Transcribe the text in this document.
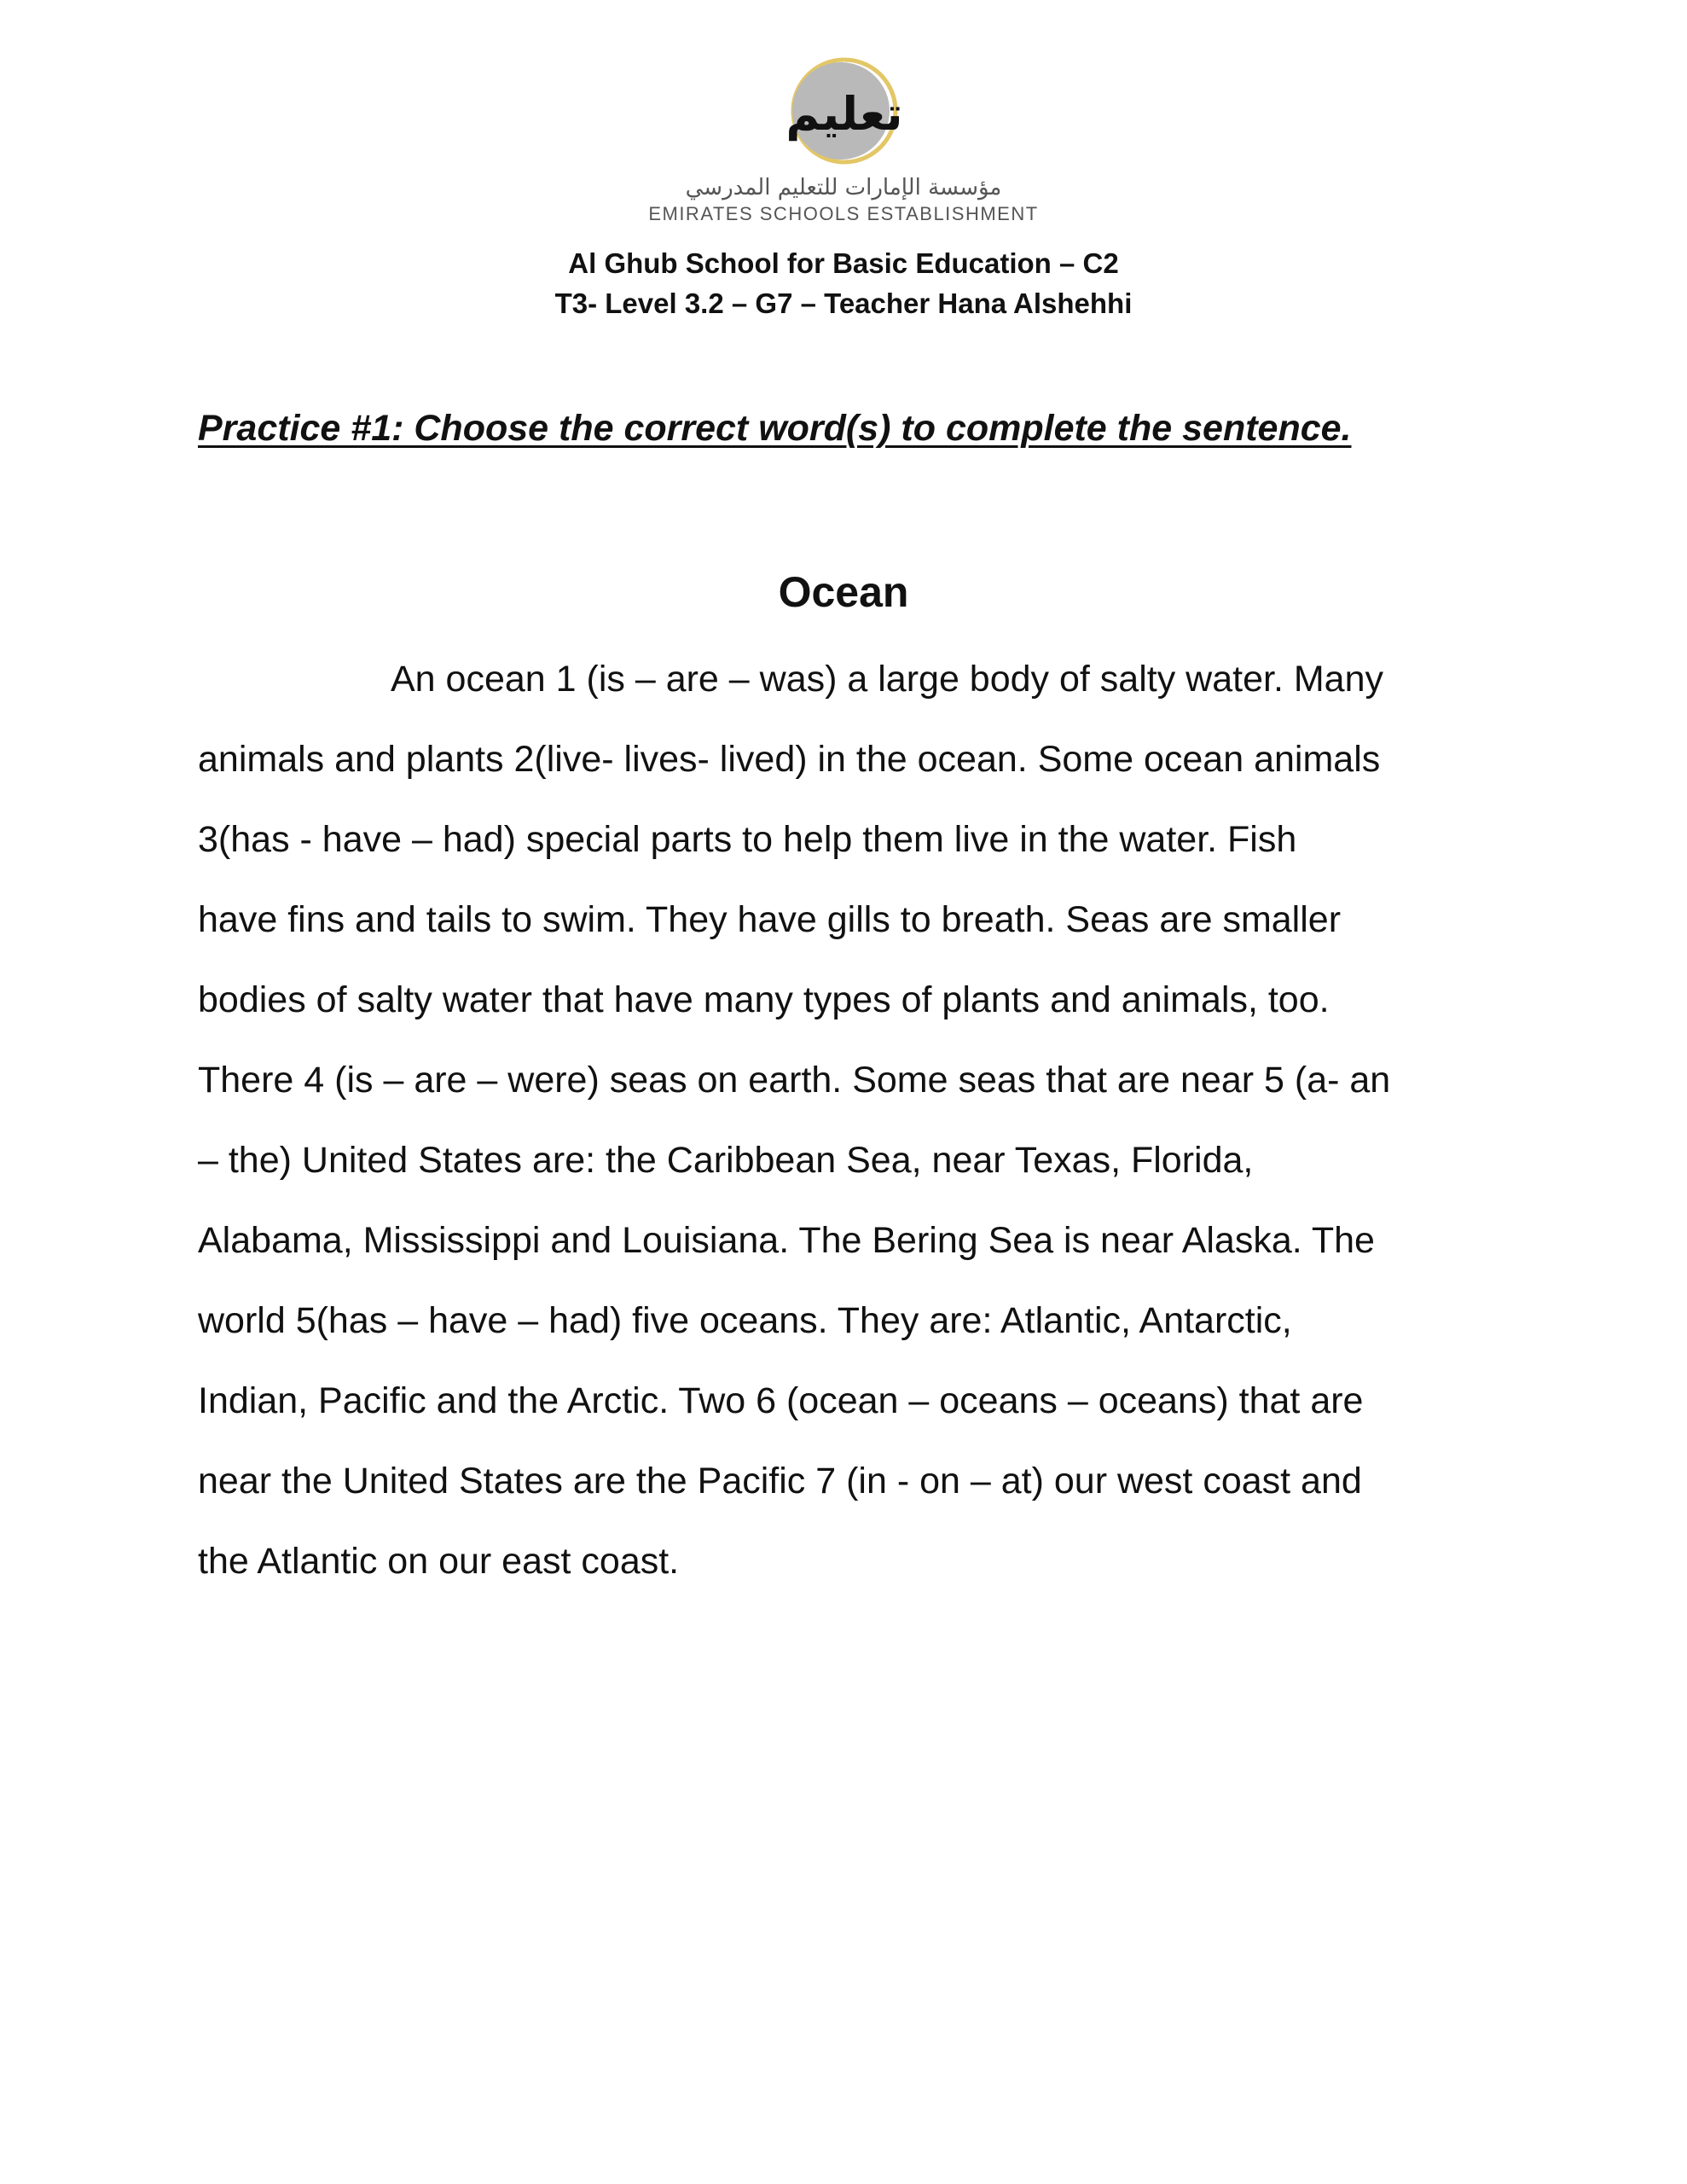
تعليم
مؤسسة الإمارات للتعليم المدرسي
EMIRATES SCHOOLS ESTABLISHMENT
Al Ghub School for Basic Education – C2
T3- Level 3.2 – G7 – Teacher Hana Alshehhi
Practice #1: Choose the correct word(s) to complete the sentence.
Ocean
An ocean 1 (is – are – was) a large body of salty water. Many
animals and plants 2(live- lives- lived) in the ocean. Some ocean animals
3(has - have – had) special parts to help them live in the water. Fish
have fins and tails to swim. They have gills to breath. Seas are smaller
bodies of salty water that have many types of plants and animals, too.
There 4 (is – are – were) seas on earth. Some seas that are near 5 (a- an
– the) United States are: the Caribbean Sea, near Texas, Florida,
Alabama, Mississippi and Louisiana. The Bering Sea is near Alaska. The
world 5(has – have – had) five oceans. They are: Atlantic, Antarctic,
Indian, Pacific and the Arctic. Two 6 (ocean – oceans – oceans) that are
near the United States are the Pacific 7 (in - on – at) our west coast and
the Atlantic on our east coast.
